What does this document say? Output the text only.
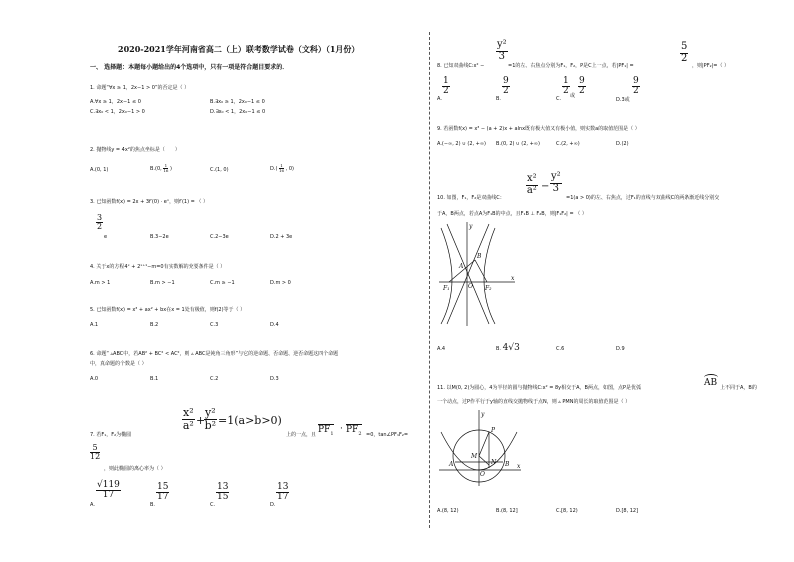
2020-2021学年河南省高二（上）联考数学试卷（文科）（1月份）
一、 选择题：本题每小题给出的4个选项中，只有一项是符合题目要求的．
1. 命题“∀x ≥ 1，2x−1 > 0”的否定是（ ）
A.∀x ≥ 1，2x−1 ≤ 0	B.∃x₀ ≥ 1，2x₀−1 ≤ 0
C.∃x₀ < 1，2x₀−1 > 0	D.∃x₀ < 1，2x₀−1 ≤ 0
2. 抛物线y = 4x²的焦点坐标是（　　）
A.(0, 1)	B.(0, $\frac{1}{16}$ )	C.(1, 0)	$D.( \frac{1}{16}$ , 0)
3. 已知函数f(x) = 2x + 3f′(0) · eˣ，则f′(1) = （ ）
$\frac{3}{2}$
e	B.3−2e	C.2−3e	D.2 + 3e
4. 关于x的方程4ˣ + 2ˣ⁺¹−m=0有实数解的充要条件是（ ）
A.m > 1	B.m > −1	C.m ≥ −1	D.m > 0
5. 已知函数f(x) = x³ + ax² + bx在x = 1处有极值，则f(2)等于（ ）
A.1	B.2	C.3	D.4
6. 命题“ ▵ABC中，若AB² + BC² < AC²，则 ▵ ABC是钝角三角形”与它的逆命题、否命题、逆否命题这四个命题
中，真命题的个数是（ ）
A.0	B.1	C.2	D.3
7. 若F₁，F₂为椭圆
$\frac{\text{x²}}{\text{a²}}$ +
$\frac{\text{y²}}{\text{b²}} =1(a>b>0)$
上的一点，且 $PF_1 \cdot PF_2 =0$，tan∠PF₁F₂=
$\frac{5}{12}$
，则此椭圆的离心率为（ ）
A.
$\frac{√119}{17}$
B.
$\frac{15}{17}$
C.
$\frac{13}{15}$
D.
$\frac{13}{17}$
$\frac{\text{y²}}{3}$
8. 已知双曲线C:x² −	=1的左、右焦点分别为F₁，F₂，P是C上一点，若|PF₁| =
$\frac{5}{2}$
，则|PF₂|=（ ）
A.
$\frac{1}{2}$
B.
$\frac{9}{2}$
C.
$\frac{1}{2}$ 或 $\frac{9}{2}$
D.3或
$\frac{9}{2}$
9. 若函数f(x) = x³ − (a + 2)x + alnx既有极大值又有极小值，则实数a的取值范围是（ ）
A.(−∞, 2) ∪ (2, +∞) B.(0, 2) ∪ (2, +∞)	C.(2, +∞)	D.(2)
10. 如图，F₁，F₂是双曲线C：
$\frac{\text{x²}}{\text{a²}} - \frac{\text{y²}}{3}$
=1(a > 0)的左、右焦点，过F₁的直线与双曲线C的两条渐近线分别交
于A，B两点，若点A为F₁B的中点，且F₁B ⊥ F₂B，则|F₁F₂| = （ ）
y
x
A
B
O
F₁	F₂
A.4	B. 4√3	C.6	D.9
11. 以M(0, 2)为圆心，4为半径的圆与抛物线C:x² = 8y相交于A，B两点，如图，点P是优弧	AB 上不同于A，B的
一个动点，过P作平行于y轴的直线交抛物线于点N，则 ▵ PMN的周长的取值范围是（ ）
y
x
P
M
N
A	B
O
A.(8, 12)	B.(8, 12]	C.[8, 12)	D.[8, 12]
